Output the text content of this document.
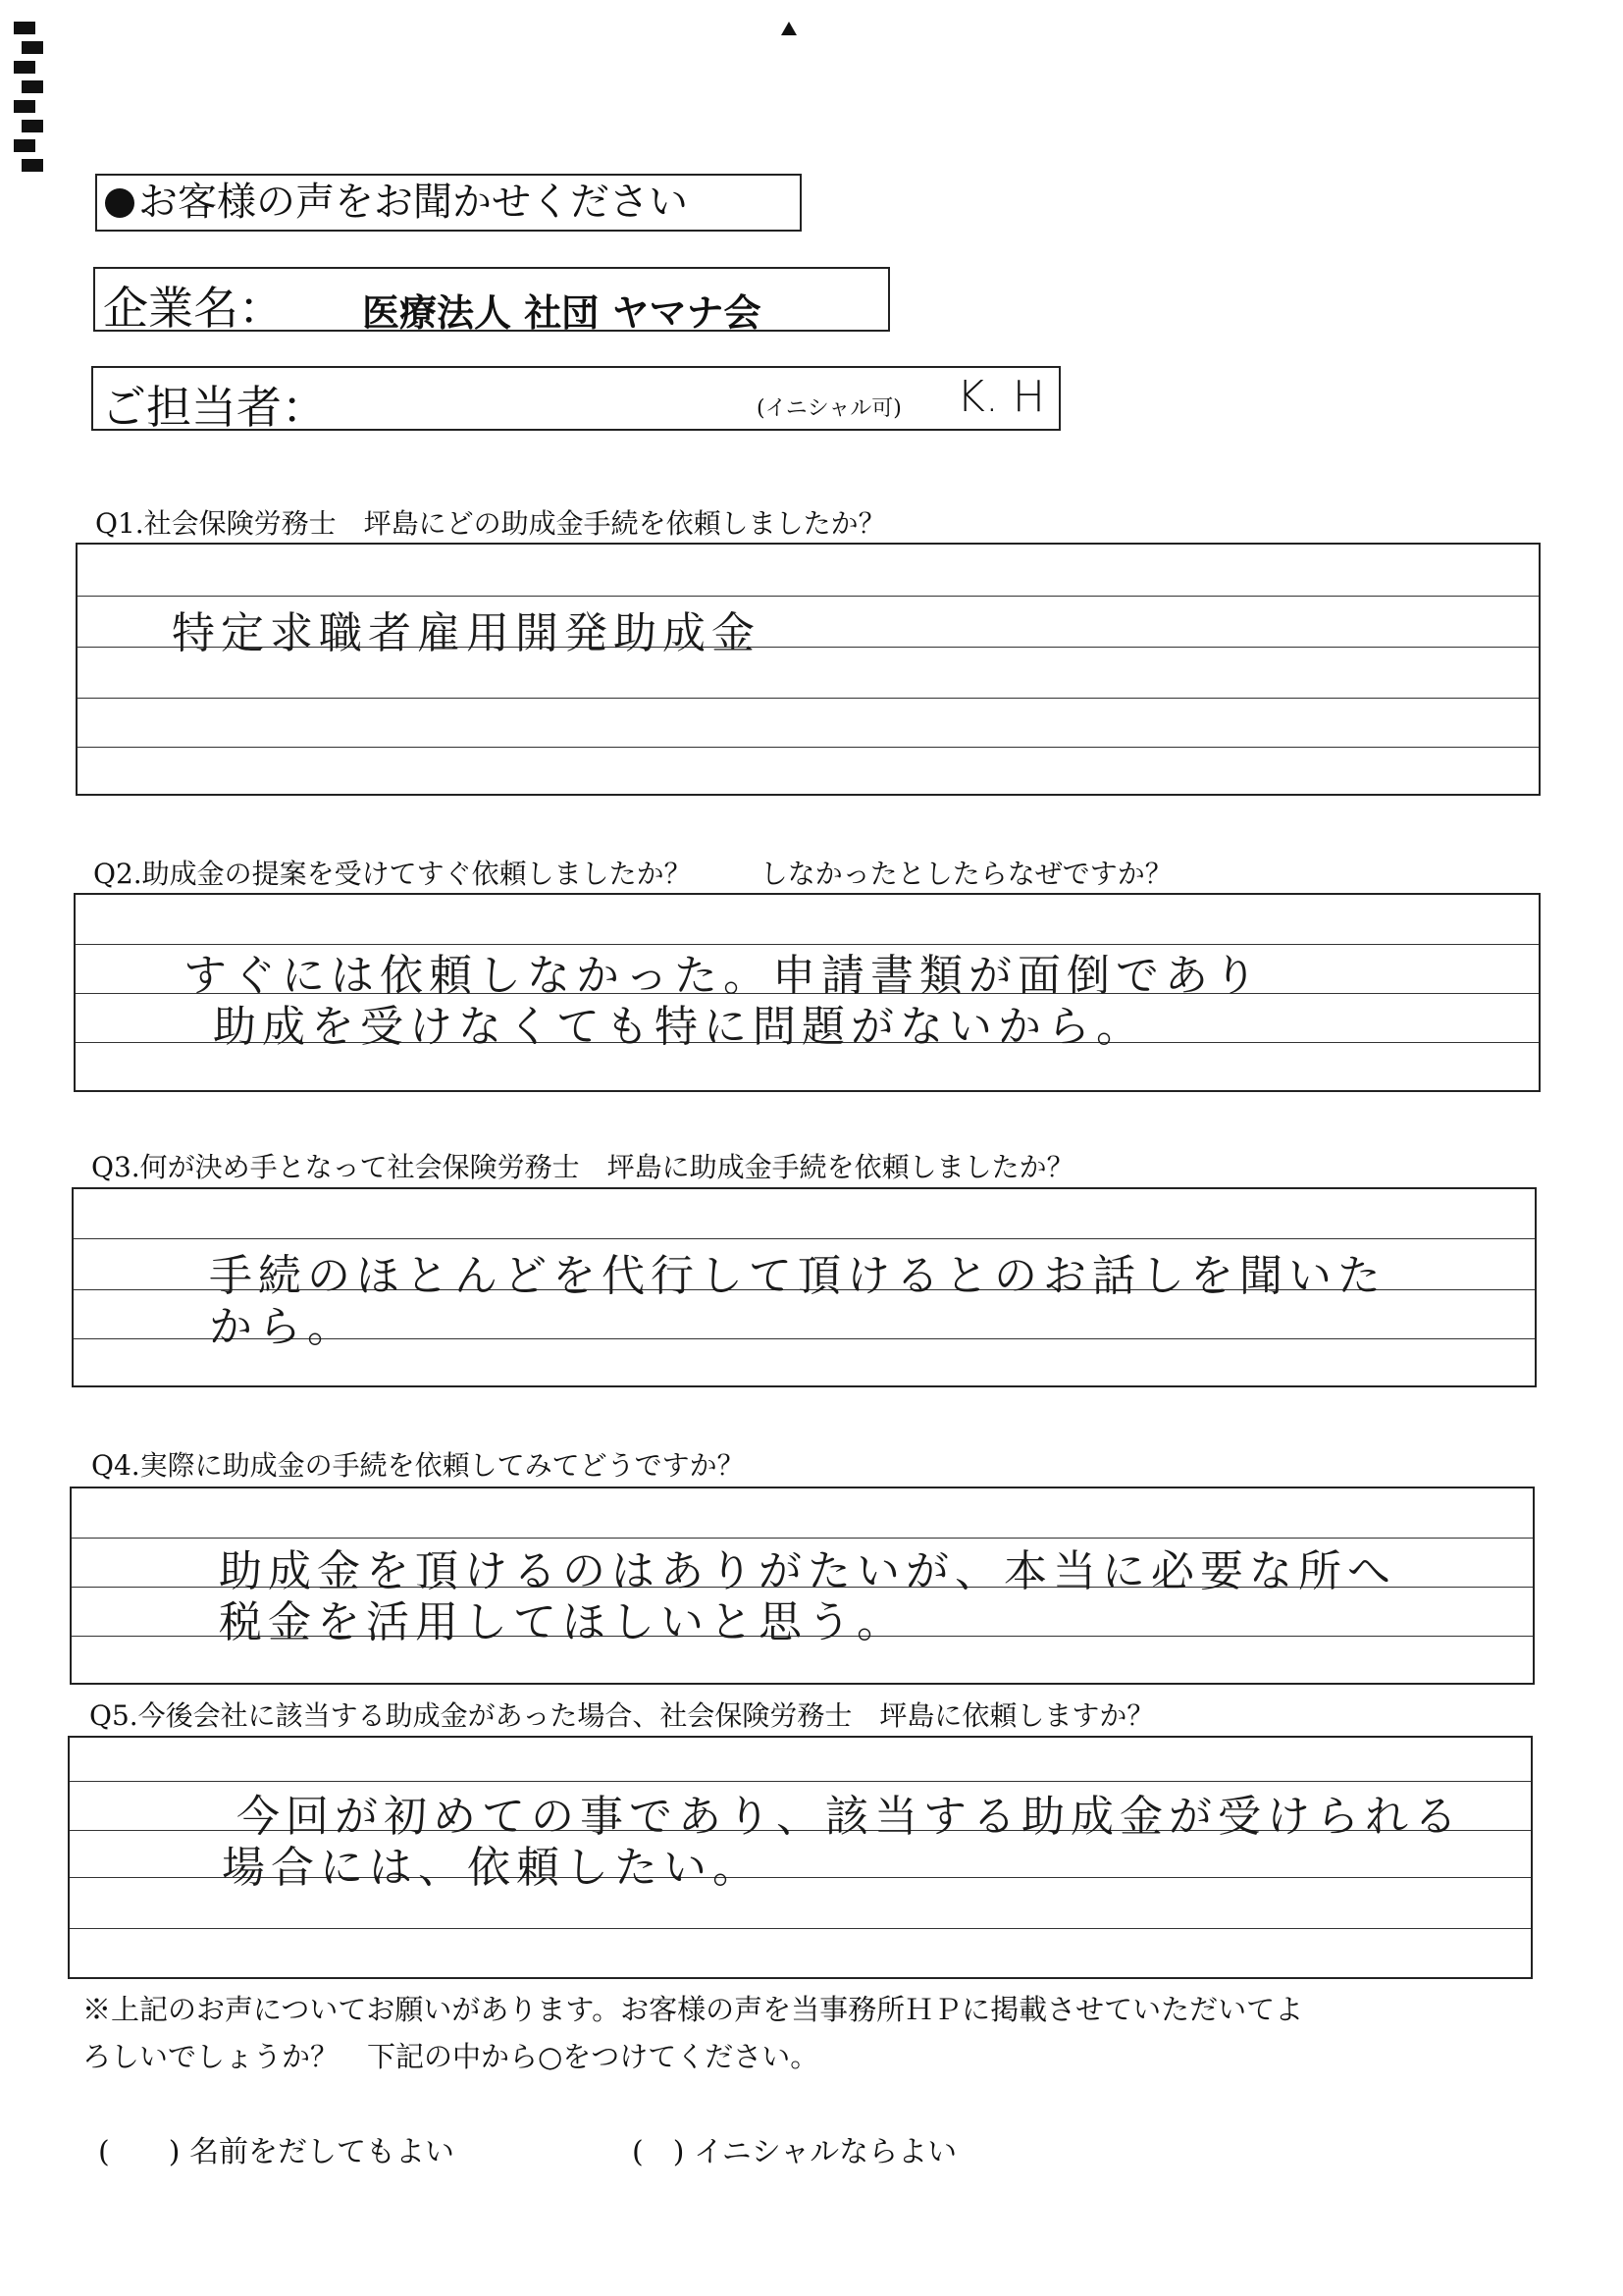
お客様の声をお聞かせください
企業名： 医療法人 社団 ヤマナ会
ご担当者：	(イニシャル可) K. H
Q1.社会保険労務士　坪島にどの助成金手続を依頼しましたか？
特定求職者雇用開発助成金
Q2.助成金の提案を受けてすぐ依頼しましたか？	しなかったとしたらなぜですか？
すぐには依頼しなかった。申請書類が面倒であり
助成を受けなくても特に問題がないから。
Q3.何が決め手となって社会保険労務士　坪島に助成金手続を依頼しましたか？
手続のほとんどを代行して頂けるとのお話しを聞いた
から。
Q4.実際に助成金の手続を依頼してみてどうですか？
助成金を頂けるのはありがたいが、本当に必要な所へ
税金を活用してほしいと思う。
Q5.今後会社に該当する助成金があった場合、社会保険労務士　坪島に依頼しますか？
今回が初めての事であり、該当する助成金が受けられる
場合には、依頼したい。
※上記のお声についてお願いがあります。お客様の声を当事務所ＨＰに掲載させていただいてよ
ろしいでしょうか？　下記の中から○をつけてください。
(　　) 名前をだしてもよい	(　) イニシャルならよい
